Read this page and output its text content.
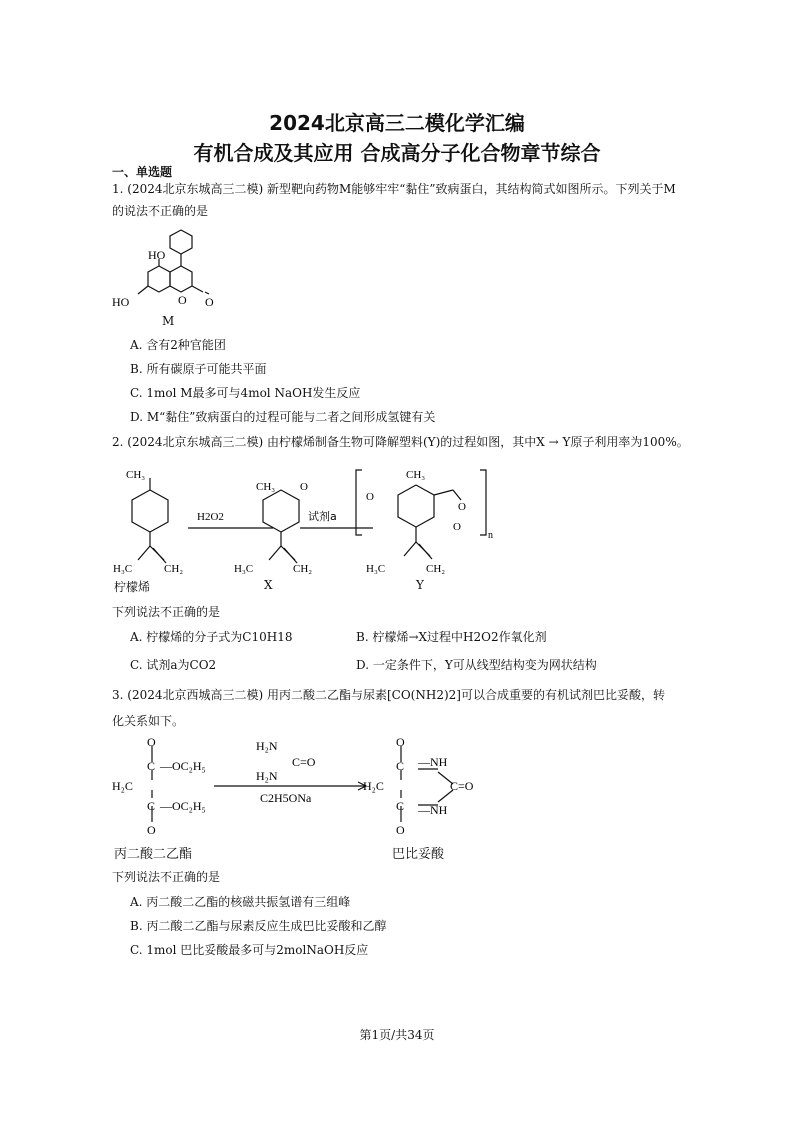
2024北京高三二模化学汇编
有机合成及其应用 合成高分子化合物章节综合
一、单选题
1. (2024北京东城高三二模) 新型靶向药物M能够牢牢“黏住”致病蛋白，其结构简式如图所示。下列关于M
的说法不正确的是
HO
HO	O O
M
A. 含有2种官能团
B. 所有碳原子可能共平面
C. 1mol M最多可与4mol NaOH发生反应
D. M“黏住”致病蛋白的过程可能与二者之间形成氢键有关
2. (2024北京东城高三二模) 由柠檬烯制备生物可降解塑料(Y)的过程如图，其中X → Y原子利用率为100%。
CH₃
H₃C	CH₂
H2O2
CH₃ O
H₃C	CH₂
试剂a
CH₃
O
O
O
n
H₃C	CH₂
柠檬烯	X	Y
下列说法不正确的是
A. 柠檬烯的分子式为C10H18	B. 柠檬烯→X过程中H2O2作氧化剂
C. 试剂a为CO2	D. 一定条件下，Y可从线型结构变为网状结构
3. (2024北京西城高三二模) 用丙二酸二乙酯与尿素[CO(NH2)2]可以合成重要的有机试剂巴比妥酸，转
化关系如下。
O
C —OC₂H₅
H₂C
C —OC₂H₅
O
H₂N
C=O
H₂N
C2H5ONa
O
C —NH
H₂C	C=O
C —NH
O
丙二酸二乙酯	巴比妥酸
下列说法不正确的是
A. 丙二酸二乙酯的核磁共振氢谱有三组峰
B. 丙二酸二乙酯与尿素反应生成巴比妥酸和乙醇
C. 1mol 巴比妥酸最多可与2molNaOH反应
第1页/共34页
